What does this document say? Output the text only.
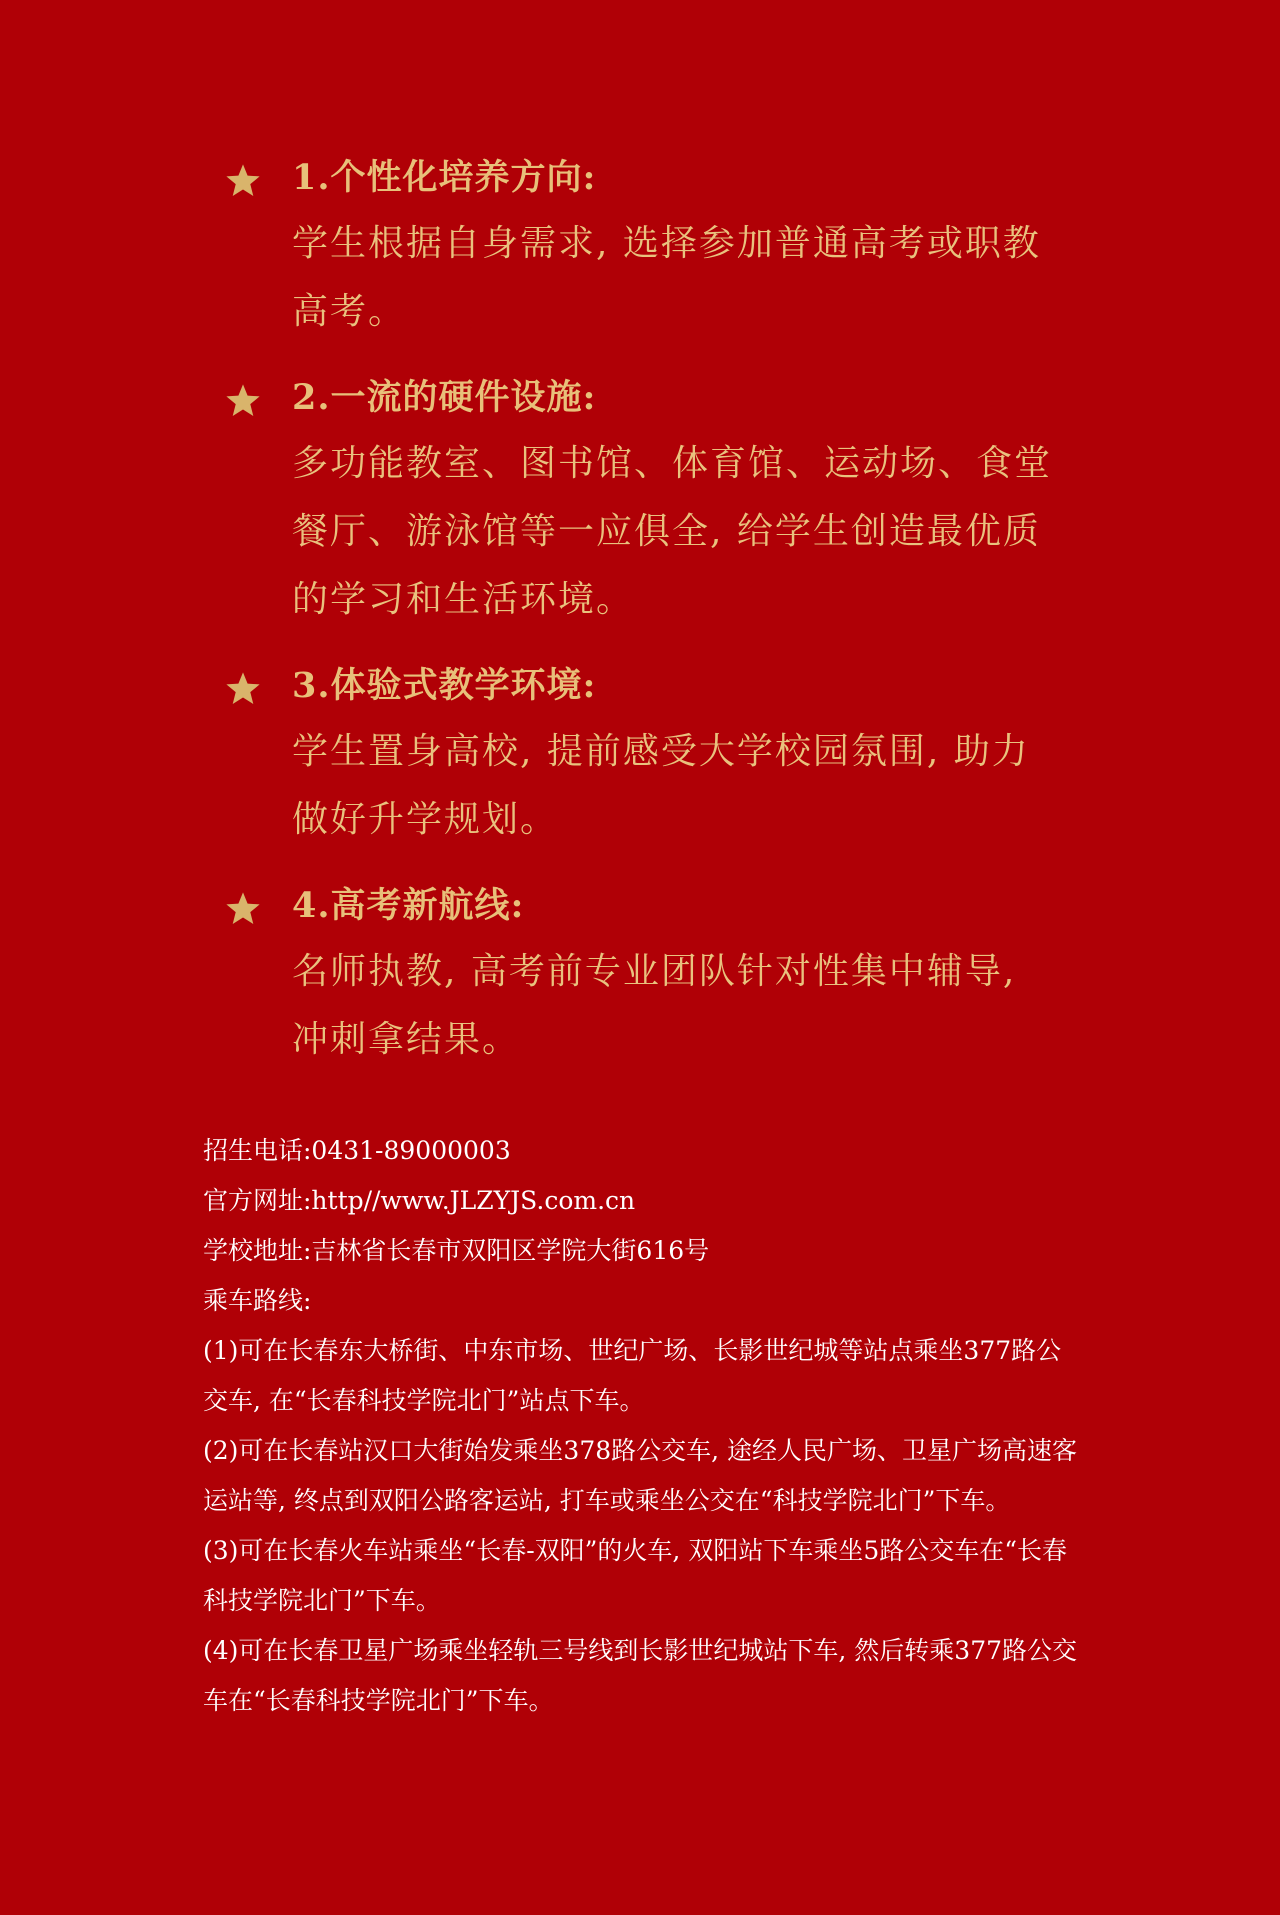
1.个性化培养方向:
学生根据自身需求, 选择参加普通高考或职教高考。
2.一流的硬件设施:
多功能教室、图书馆、体育馆、运动场、食堂餐厅、游泳馆等一应俱全, 给学生创造最优质的学习和生活环境。
3.体验式教学环境:
学生置身高校, 提前感受大学校园氛围, 助力做好升学规划。
4.高考新航线:
名师执教, 高考前专业团队针对性集中辅导, 冲刺拿结果。
招生电话:0431-89000003
官方网址:http//www.JLZYJS.com.cn
学校地址:吉林省长春市双阳区学院大街616号
乘车路线:
(1)可在长春东大桥街、中东市场、世纪广场、长影世纪城等站点乘坐377路公交车, 在“长春科技学院北门”站点下车。
(2)可在长春站汉口大街始发乘坐378路公交车, 途经人民广场、卫星广场高速客运站等, 终点到双阳公路客运站, 打车或乘坐公交在“科技学院北门”下车。
(3)可在长春火车站乘坐“长春-双阳”的火车, 双阳站下车乘坐5路公交车在“长春科技学院北门”下车。
(4)可在长春卫星广场乘坐轻轨三号线到长影世纪城站下车, 然后转乘377路公交车在“长春科技学院北门”下车。
